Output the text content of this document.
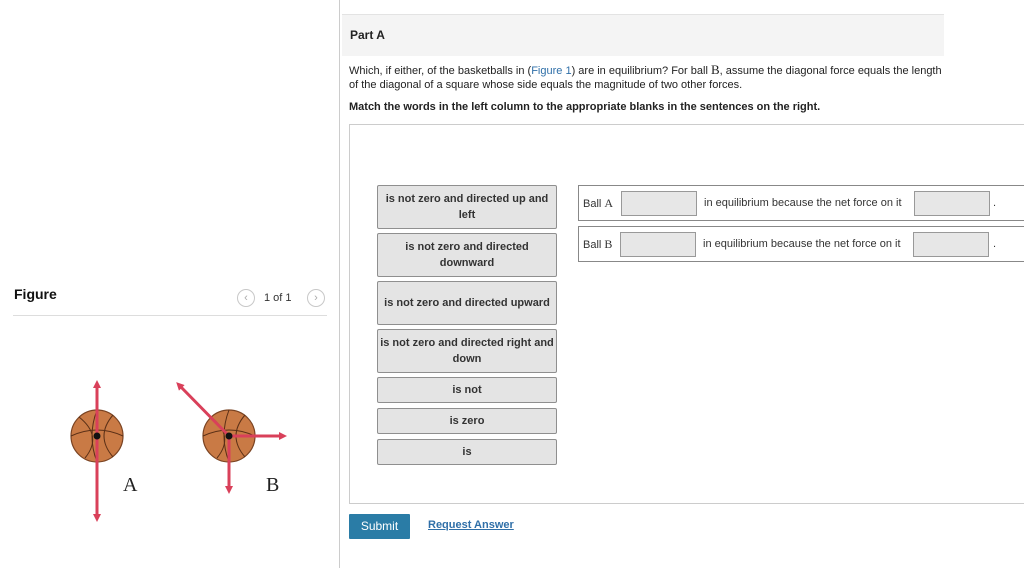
Figure	‹	1 of 1	›
A	B
Part A
Which, if either, of the basketballs in (Figure 1) are in equilibrium? For ball B, assume the diagonal force equals the length of the diagonal of a square whose side equals the magnitude of two other forces.
Match the words in the left column to the appropriate blanks in the sentences on the right.
is not zero and directed up and left
is not zero and directed downward
is not zero and directed upward
is not zero and directed right and down
is not
is zero
is
Ball A	in equilibrium because the net force on it	.
Ball B	in equilibrium because the net force on it	.
Submit	Request Answer
